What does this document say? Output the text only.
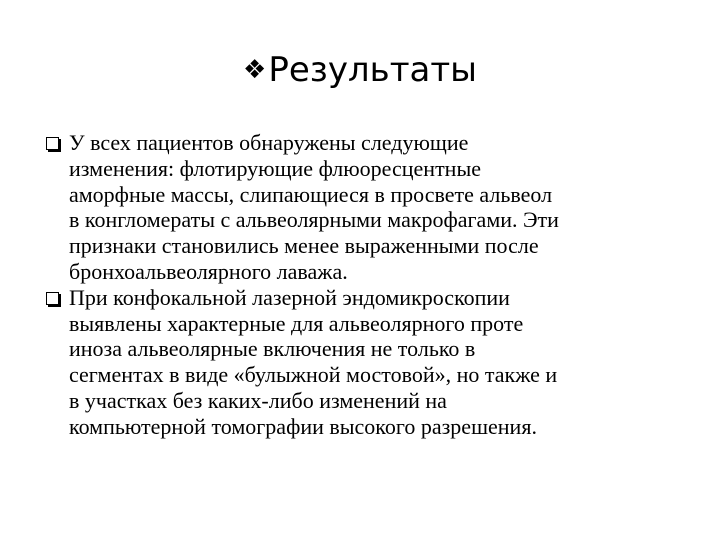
❖Результаты
У всех пациентов обнаружены следующие
изменения: флотирующие флюоресцентные
аморфные массы, слипающиеся в просвете альвеол
в конгломераты с альвеолярными макрофагами. Эти
признаки становились менее выраженными после
бронхоальвеолярного лаважа.
При конфокальной лазерной эндомикроскопии
выявлены характерные для альвеолярного проте
иноза альвеолярные включения не только в
сегментах в виде «булыжной мостовой», но также и
в участках без каких-либо изменений на
компьютерной томографии высокого разрешения.
